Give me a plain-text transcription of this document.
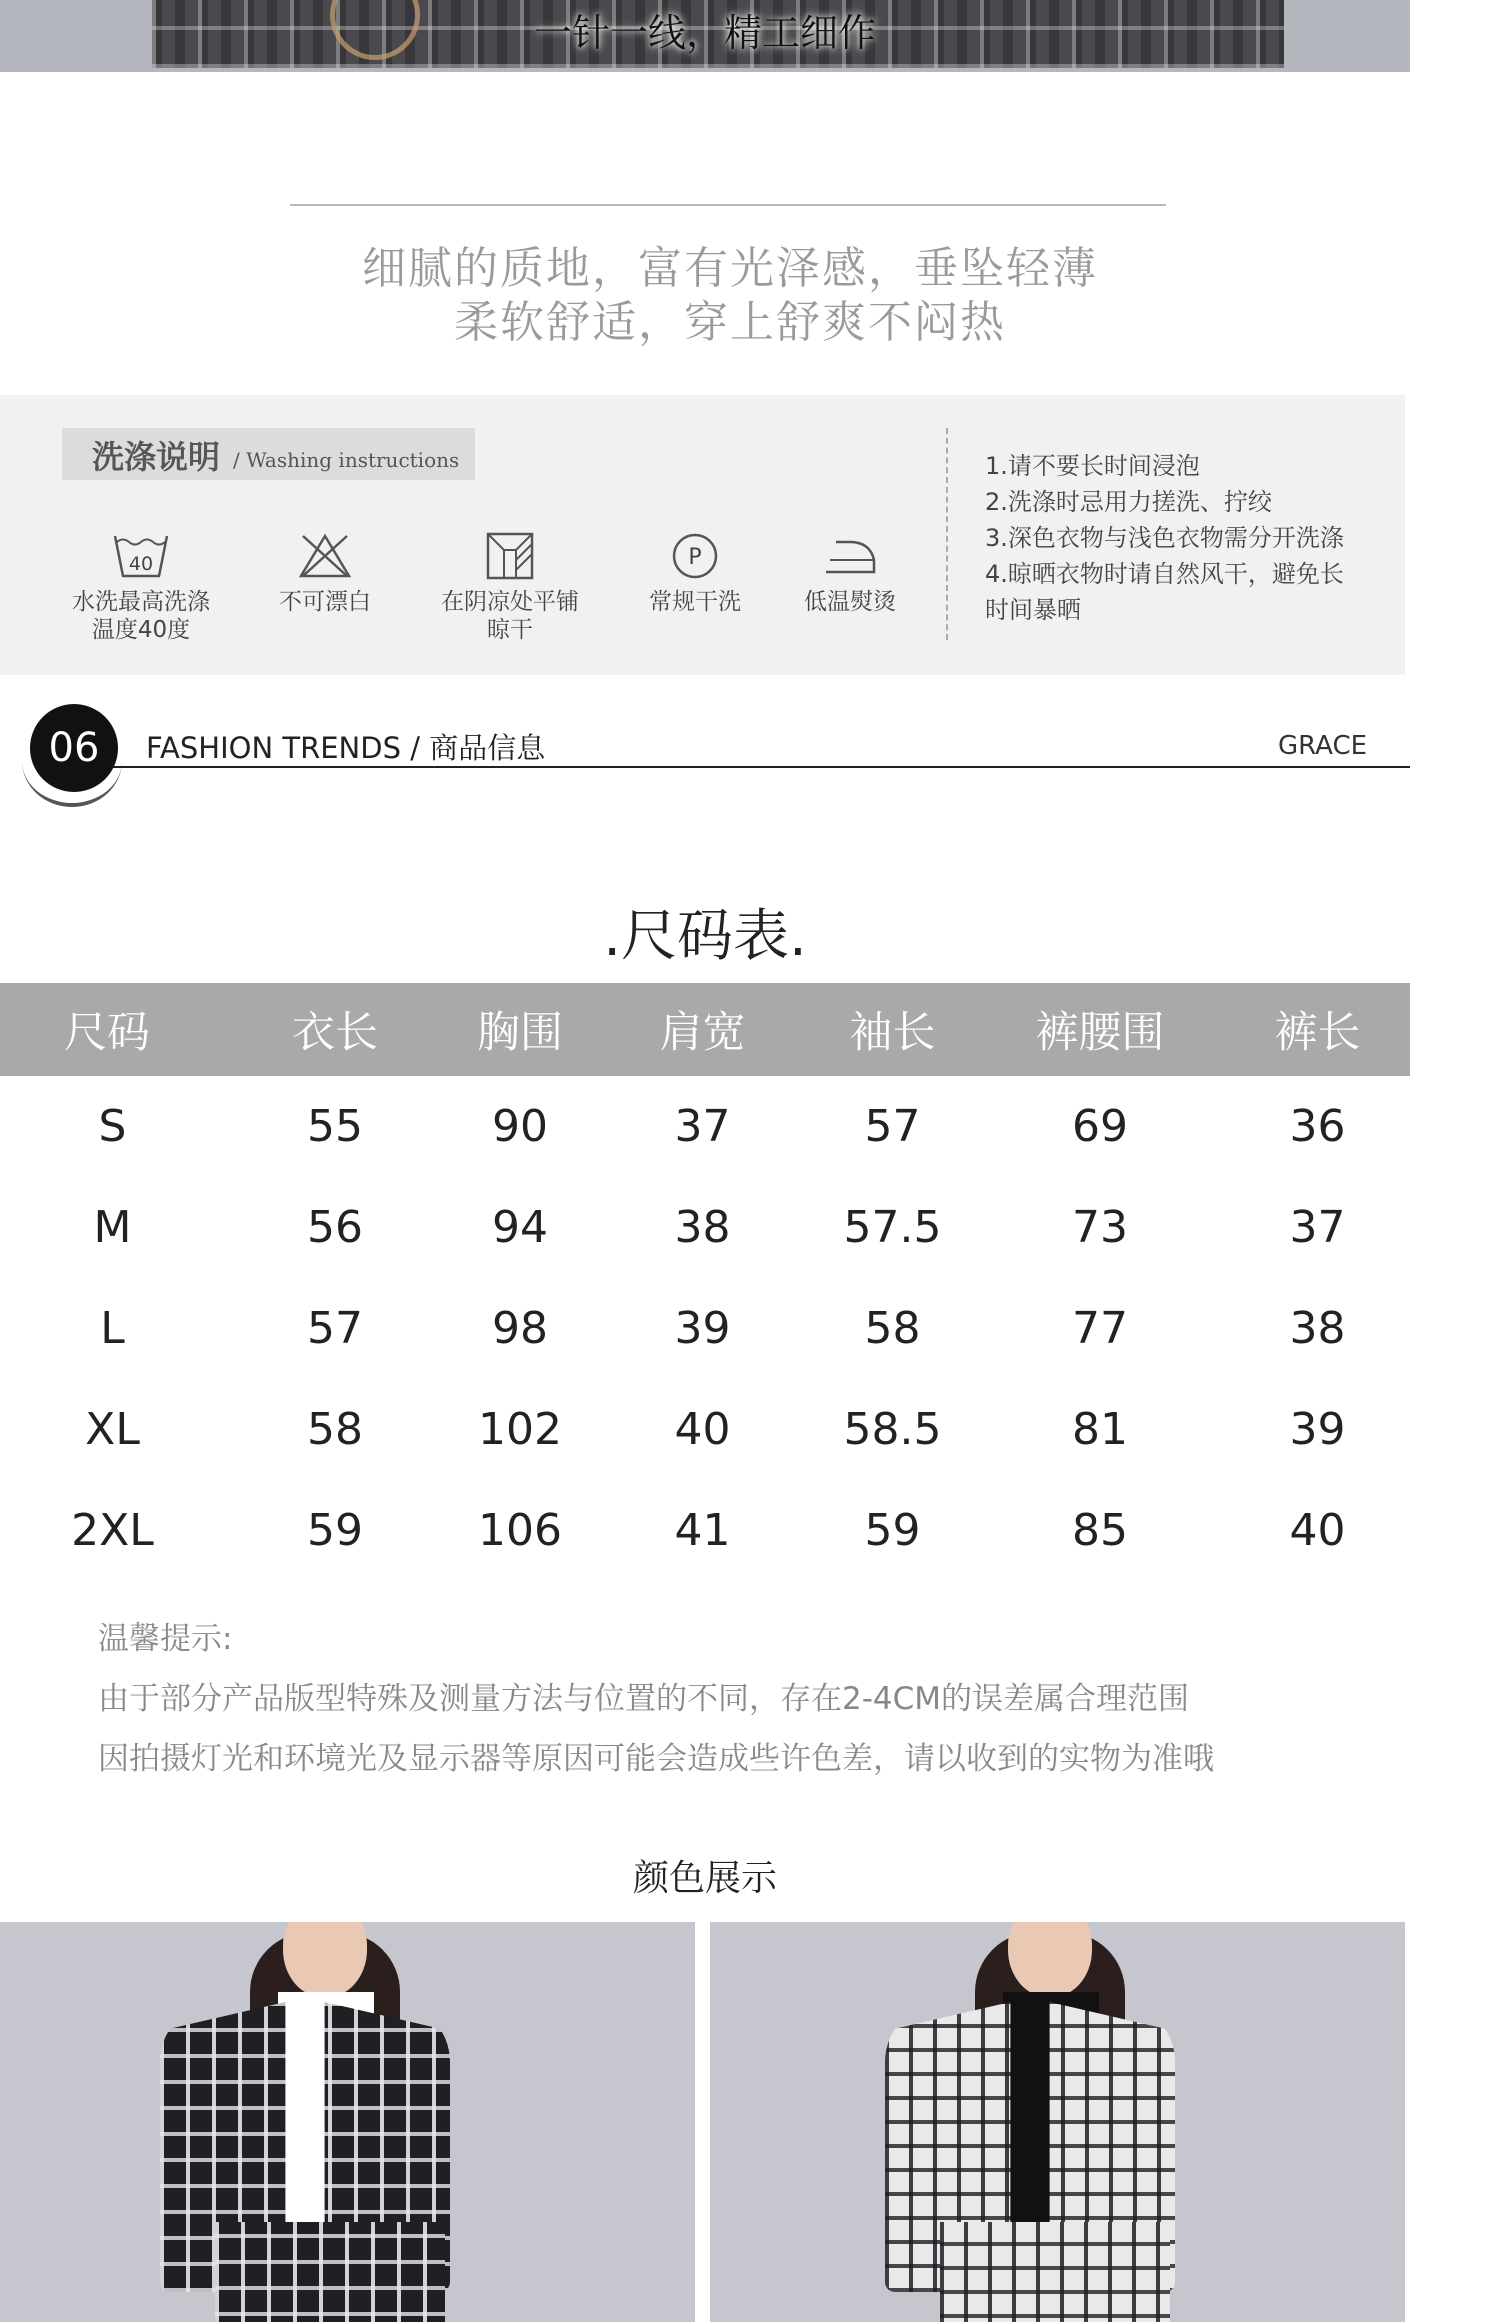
一针一线，精工细作
细腻的质地，富有光泽感，垂坠轻薄
柔软舒适，穿上舒爽不闷热
洗涤说明 / Washing instructions
40
水洗最高洗涤
温度40度
不可漂白	在阴凉处平铺
晾干
P
常规干洗	低温熨烫
1.请不要长时间浸泡
2.洗涤时忌用力搓洗、拧绞
3.深色衣物与浅色衣物需分开洗涤
4.晾晒衣物时请自然风干，避免长
时间暴晒
06	FASHION TRENDS / 商品信息	GRACE
.尺码表.
尺码	衣长	胸围	肩宽	袖长	裤腰围	裤长
S	55	90	37	57	69	36
M	56	94	38	57.5	73	37
L	57	98	39	58	77	38
XL	58	102	40	58.5	81	39
2XL	59	106	41	59	85	40
温馨提示:
由于部分产品版型特殊及测量方法与位置的不同，存在2-4CM的误差属合理范围
因拍摄灯光和环境光及显示器等原因可能会造成些许色差，请以收到的实物为准哦
颜色展示
